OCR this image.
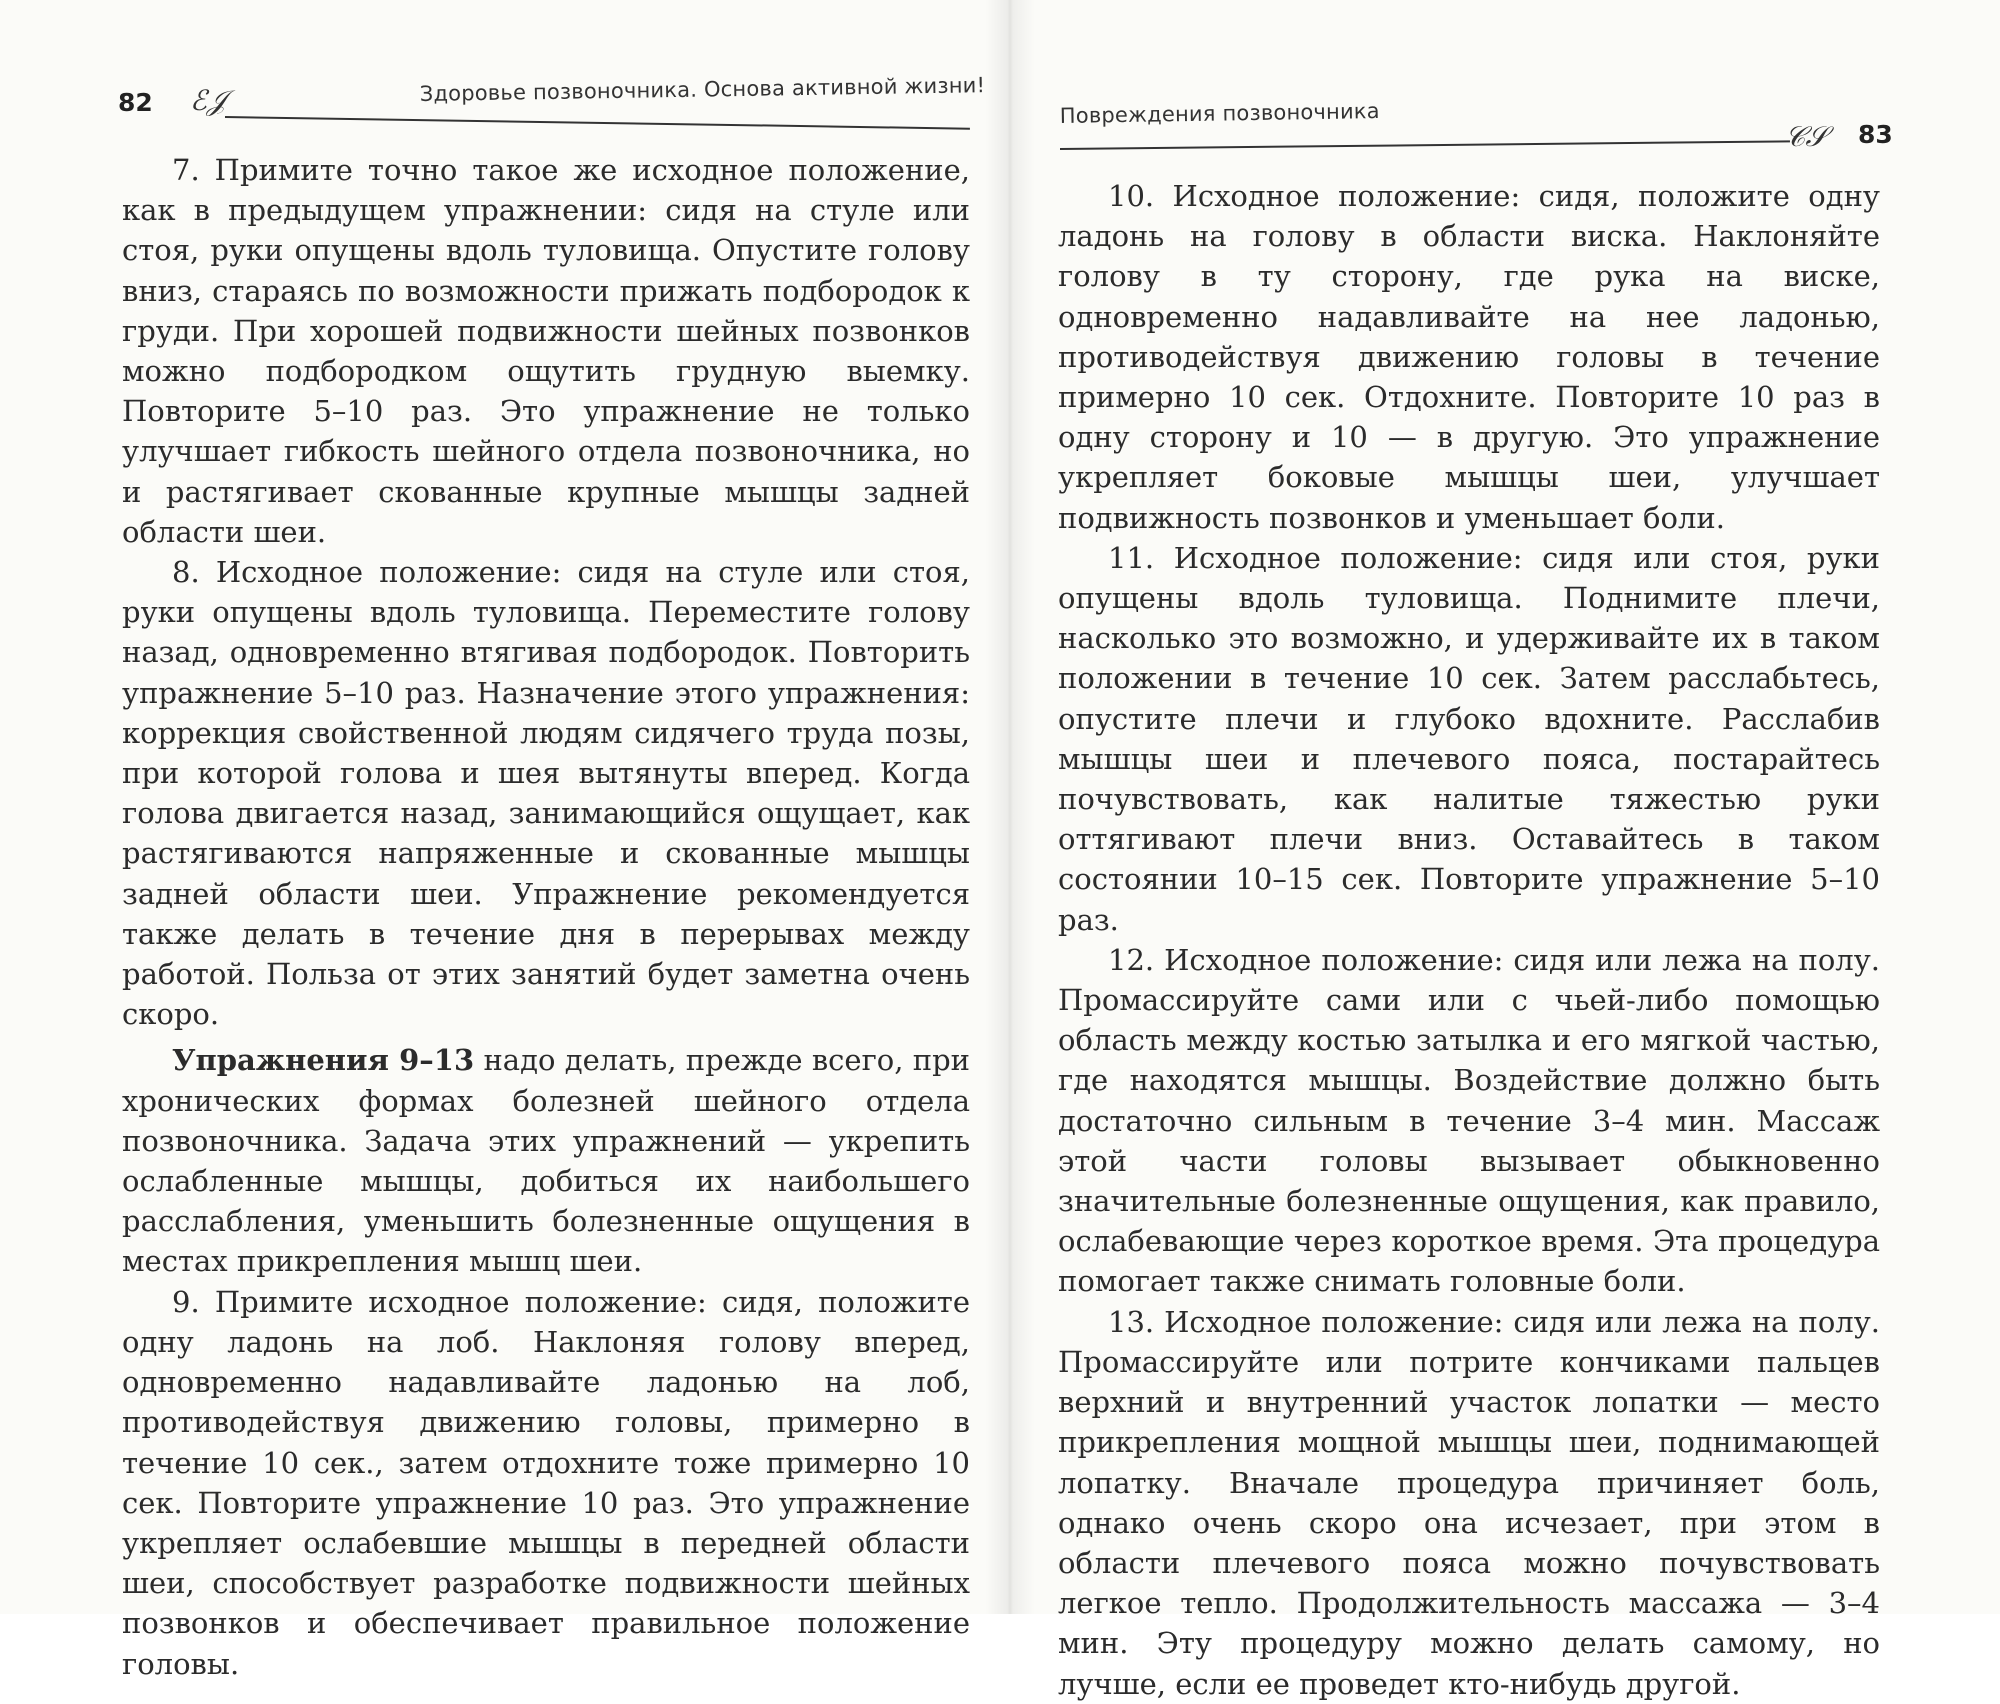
82 ℰ𝒥	Здоровье позвоночника. Основа активной жизни!

7. Примите точно такое же исходное положение, как в предыдущем упражнении: сидя на стуле или стоя, руки опущены вдоль туловища. Опустите голову вниз, стараясь по возможности прижать подбородок к груди. При хорошей подвижности шейных позвонков можно подбородком ощутить грудную выемку. Повторите 5–10 раз. Это упражнение не только улучшает гибкость шейного отдела позвоночника, но и растягивает скованные крупные мышцы задней области шеи.

8. Исходное положение: сидя на стуле или стоя, руки опущены вдоль туловища. Переместите голову назад, одновременно втягивая подбородок. Повторить упражнение 5–10 раз. Назначение этого упражнения: коррекция свойственной людям сидячего труда позы, при которой голова и шея вытянуты вперед. Когда голова двигается назад, занимающийся ощущает, как растягиваются напряженные и скованные мышцы задней области шеи. Упражнение рекомендуется также делать в течение дня в перерывах между работой. Польза от этих занятий будет заметна очень скоро.

Упражнения 9–13 надо делать, прежде всего, при хронических формах болезней шейного отдела позвоночника. Задача этих упражнений — укрепить ослабленные мышцы, добиться их наибольшего расслабления, уменьшить болезненные ощущения в местах прикрепления мышц шеи.

9. Примите исходное положение: сидя, положите одну ладонь на лоб. Наклоняя голову вперед, одновременно надавливайте ладонью на лоб, противодействуя движению головы, примерно в течение 10 сек., затем отдохните тоже примерно 10 сек. Повторите упражнение 10 раз. Это упражнение укрепляет ослабевшие мышцы в передней области шеи, способствует разработке подвижности шейных позвонков и обеспечивает правильное положение головы.

Повреждения позвоночника
𝒞𝒮 83

10. Исходное положение: сидя, положите одну ладонь на голову в области виска. Наклоняйте голову в ту сторону, где рука на виске, одновременно надавливайте на нее ладонью, противодействуя движению головы в течение примерно 10 сек. Отдохните. Повторите 10 раз в одну сторону и 10 — в другую. Это упражнение укрепляет боковые мышцы шеи, улучшает подвижность позвонков и уменьшает боли.

11. Исходное положение: сидя или стоя, руки опущены вдоль туловища. Поднимите плечи, насколько это возможно, и удерживайте их в таком положении в течение 10 сек. Затем расслабьтесь, опустите плечи и глубоко вдохните. Расслабив мышцы шеи и плечевого пояса, постарайтесь почувствовать, как налитые тяжестью руки оттягивают плечи вниз. Оставайтесь в таком состоянии 10–15 сек. Повторите упражнение 5–10 раз.

12. Исходное положение: сидя или лежа на полу. Промассируйте сами или с чьей-либо помощью область между костью затылка и его мягкой частью, где находятся мышцы. Воздействие должно быть достаточно сильным в течение 3–4 мин. Массаж этой части головы вызывает обыкновенно значительные болезненные ощущения, как правило, ослабевающие через короткое время. Эта процедура помогает также снимать головные боли.

13. Исходное положение: сидя или лежа на полу. Промассируйте или потрите кончиками пальцев верхний и внутренний участок лопатки — место прикрепления мощной мышцы шеи, поднимающей лопатку. Вначале процедура причиняет боль, однако очень скоро она исчезает, при этом в области плечевого пояса можно почувствовать легкое тепло. Продолжительность массажа — 3–4 мин. Эту процедуру можно делать самому, но лучше, если ее проведет кто-нибудь другой.
